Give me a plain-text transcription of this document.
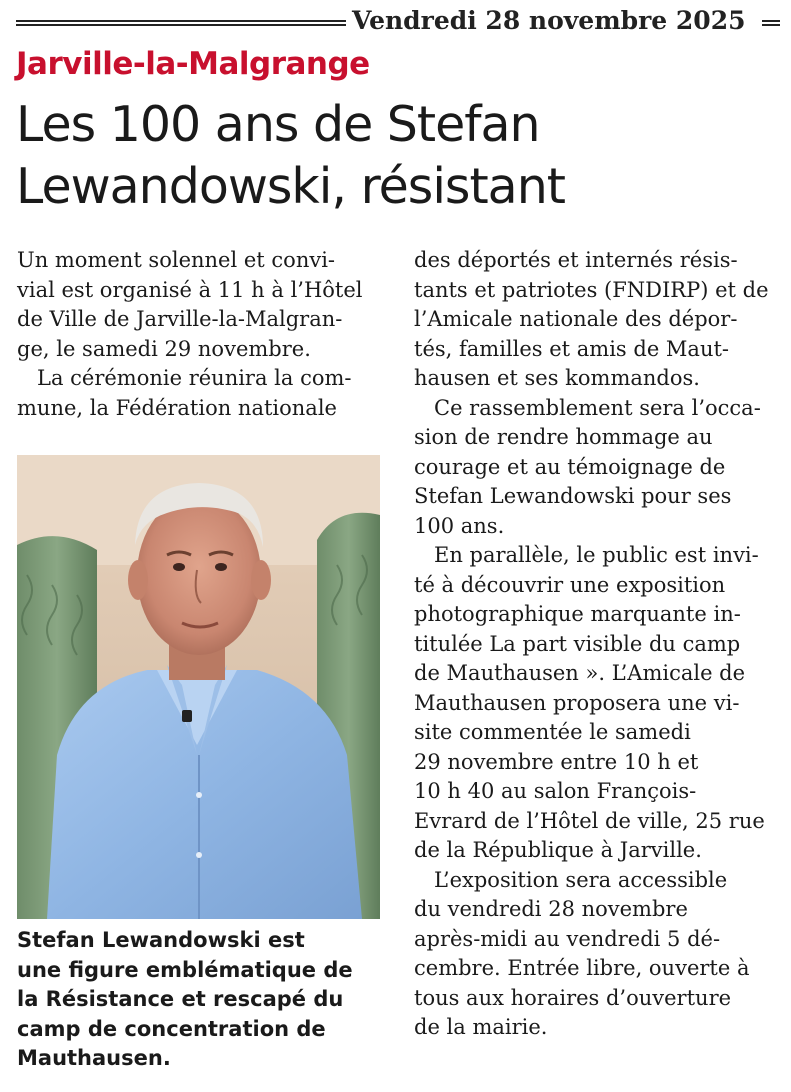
Vendredi 28 novembre 2025
Jarville-la-Malgrange
Les 100 ans de Stefan
Lewandowski, résistant

Un moment solennel et convi-
vial est organisé à 11 h à l’Hôtel
de Ville de Jarville-la-Malgran-
ge, le samedi 29 novembre.

La cérémonie réunira la com-
mune, la Fédération nationale

Stefan Lewandowski est
une figure emblématique de
la Résistance et rescapé du
camp de concentration de
Mauthausen.

des déportés et internés résis-
tants et patriotes (FNDIRP) et de
l’Amicale nationale des dépor-
tés, familles et amis de Maut-
hausen et ses kommandos.

Ce rassemblement sera l’occa-
sion de rendre hommage au
courage et au témoignage de
Stefan Lewandowski pour ses
100 ans.

En parallèle, le public est invi-
té à découvrir une exposition
photographique marquante in-
titulée La part visible du camp
de Mauthausen ». L’Amicale de
Mauthausen proposera une vi-
site commentée le samedi
29 novembre entre 10 h et
10 h 40 au salon François-
Evrard de l’Hôtel de ville, 25 rue
de la République à Jarville.

L’exposition sera accessible
du vendredi 28 novembre
après-midi au vendredi 5 dé-
cembre. Entrée libre, ouverte à
tous aux horaires d’ouverture
de la mairie.
